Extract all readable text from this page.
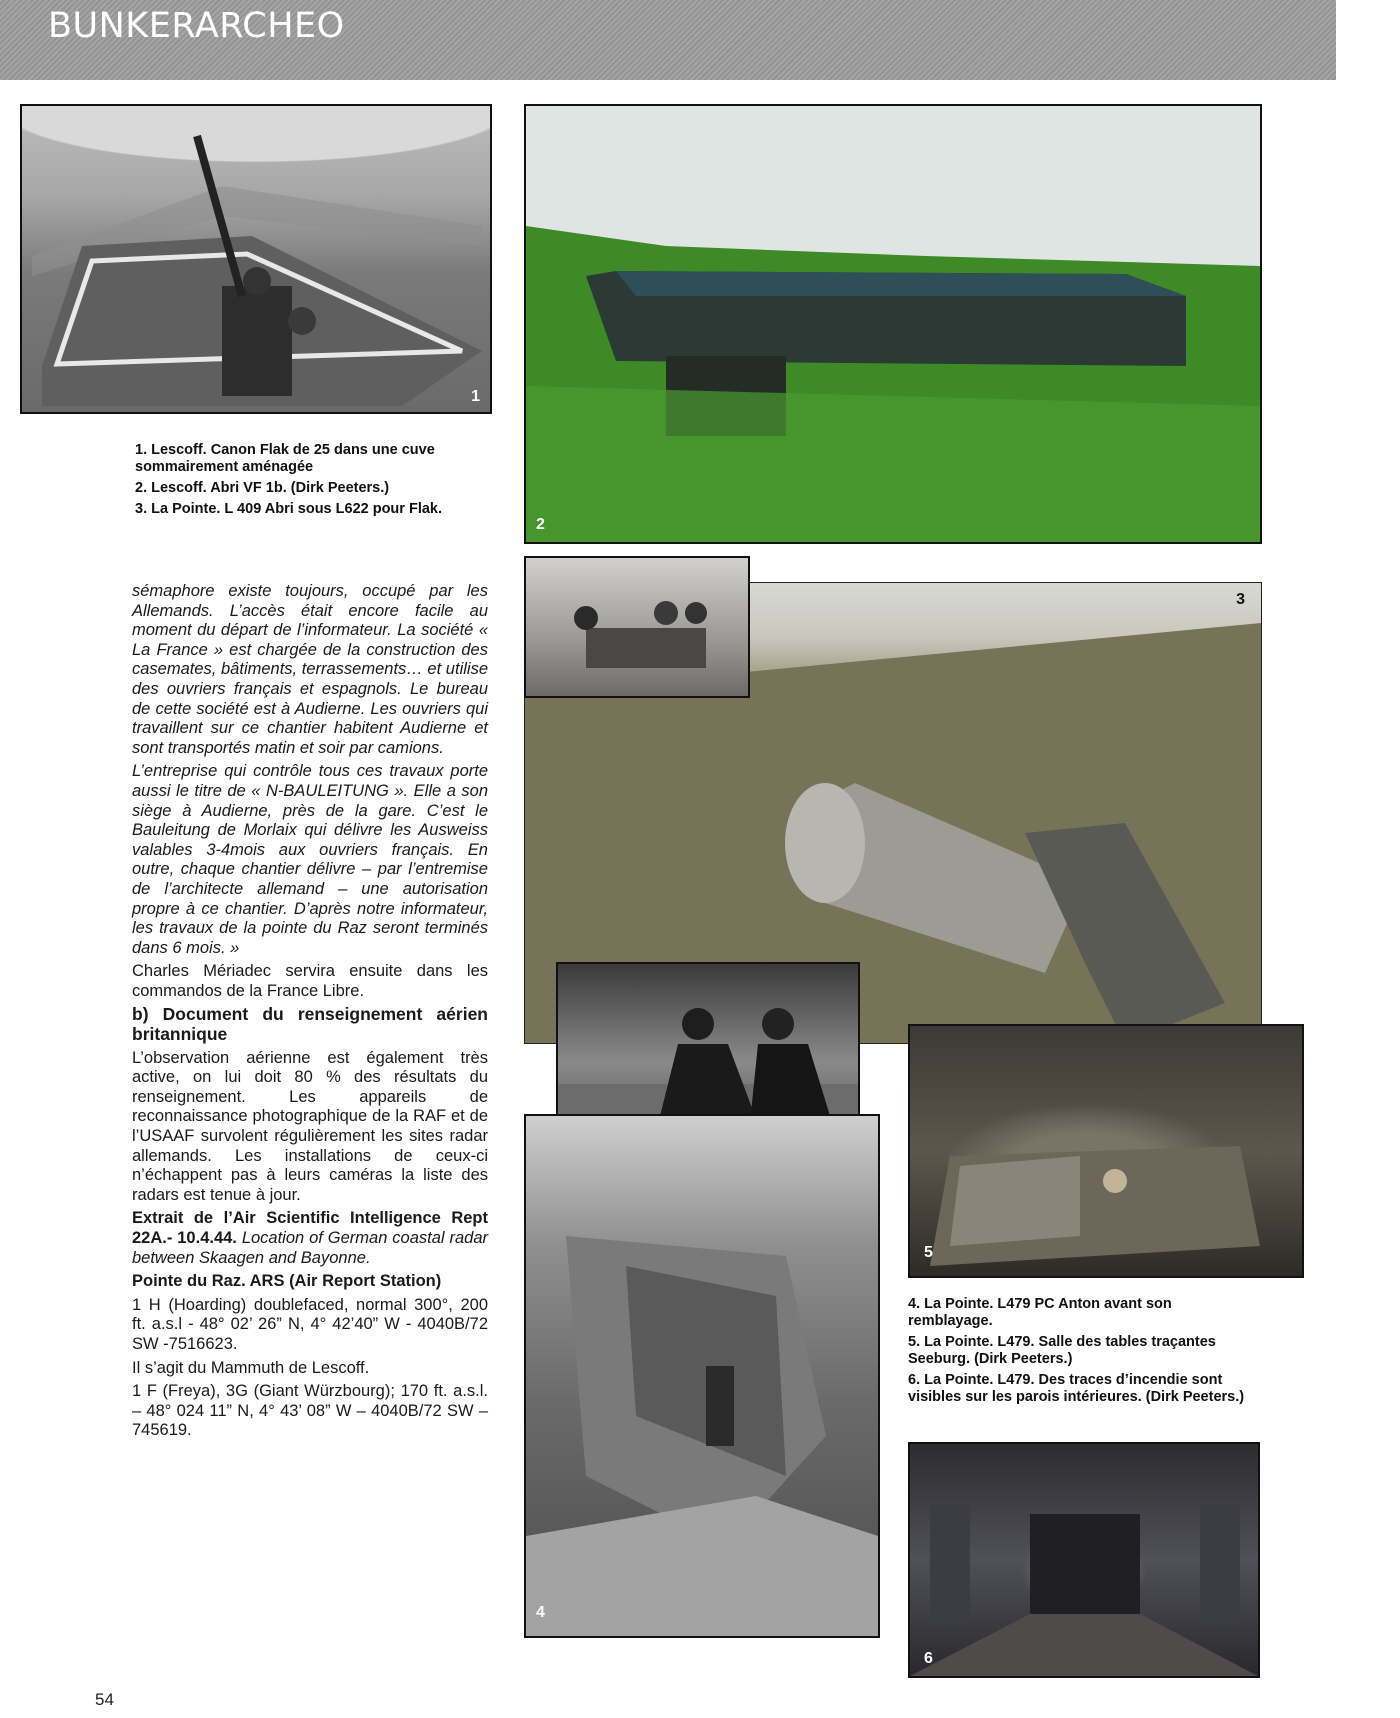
BUNKERARCHEO
1
2

1. Lescoff. Canon Flak de 25 dans une cuve sommairement aménagée

2. Lescoff. Abri VF 1b. (Dirk Peeters.)

3. La Pointe. L 409 Abri sous L622 pour Flak.

3
4
5

4. La Pointe. L479 PC Anton avant son remblayage.

5. La Pointe. L479. Salle des tables traçantes Seeburg. (Dirk Peeters.)

6. La Pointe. L479. Des traces d’incendie sont visibles sur les parois intérieures. (Dirk Peeters.)

6

sémaphore existe toujours, occupé par les Allemands. L’accès était encore facile au moment du départ de l’informateur. La société « La France » est chargée de la construction des casemates, bâtiments, terrassements… et utilise des ouvriers français et espagnols. Le bureau de cette société est à Audierne. Les ouvriers qui travaillent sur ce chantier habitent Audierne et sont transportés matin et soir par camions.

L’entreprise qui contrôle tous ces travaux porte aussi le titre de « N-BAULEITUNG ». Elle a son siège à Audierne, près de la gare. C’est le Bauleitung de Morlaix qui délivre les Ausweiss valables 3-4mois aux ouvriers français. En outre, chaque chantier délivre – par l’entremise de l’architecte allemand – une autorisation propre à ce chantier. D’après notre informateur, les travaux de la pointe du Raz seront terminés dans 6 mois. »

Charles Mériadec servira ensuite dans les commandos de la France Libre.

b) Document du renseignement aérien britannique

L’observation aérienne est également très active, on lui doit 80 % des résultats du renseignement. Les appareils de reconnaissance photographique de la RAF et de l’USAAF survolent régulièrement les sites radar allemands. Les installations de ceux-ci n’échappent pas à leurs caméras la liste des radars est tenue à jour.

Extrait de l’Air Scientific Intelligence Rept 22A.- 10.4.44. Location of German coastal radar between Skaagen and Bayonne.

Pointe du Raz. ARS (Air Report Station)

1 H (Hoarding) doublefaced, normal 300°, 200 ft. a.s.l - 48° 02’ 26” N, 4° 42’40” W - 4040B/72 SW -7516623.

Il s’agit du Mammuth de Lescoff.

1 F (Freya), 3G (Giant Würzbourg); 170 ft. a.s.l. – 48° 024 11” N, 4° 43’ 08” W – 4040B/72 SW – 745619.

54
